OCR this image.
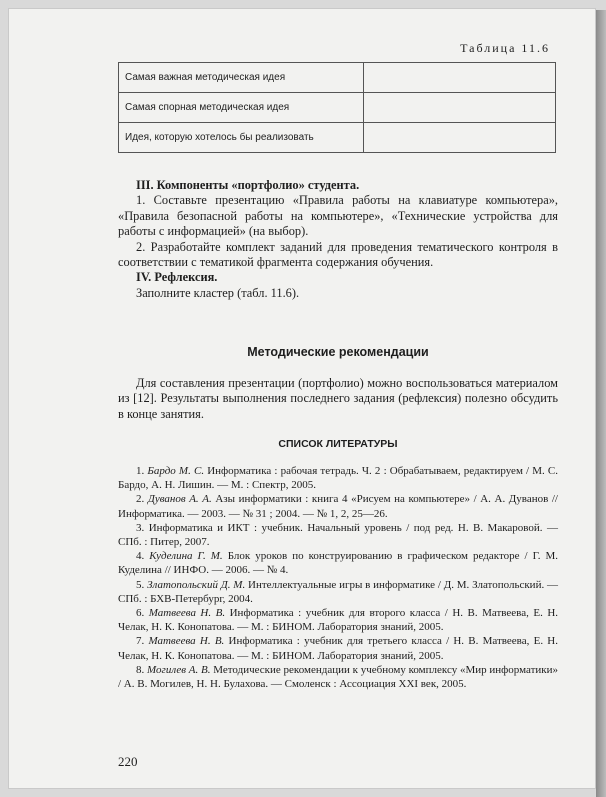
Таблица 11.6
Самая важная методическая идея	
Самая спорная методическая идея	
Идея, которую хотелось бы реализовать	

III. Компоненты «портфолио» студента.

1. Составьте презентацию «Правила работы на клавиатуре компьютера», «Правила безопасной работы на компьютере», «Технические устройства для работы с информацией» (на выбор).

2. Разработайте комплект заданий для проведения тематического контроля в соответствии с тематикой фрагмента содержания обучения.

IV. Рефлексия.

Заполните кластер (табл. 11.6).

Методические рекомендации

Для составления презентации (портфолио) можно воспользоваться материалом из [12]. Результаты выполнения последнего задания (рефлексия) полезно обсудить в конце занятия.

СПИСОК ЛИТЕРАТУРЫ

1. Бардо М. С. Информатика : рабочая тетрадь. Ч. 2 : Обрабатываем, редактируем / М. С. Бардо, А. Н. Лишин. — М. : Спектр, 2005.

2. Дуванов А. А. Азы информатики : книга 4 «Рисуем на компьютере» / А. А. Дуванов // Информатика. — 2003. — № 31 ; 2004. — № 1, 2, 25—26.

3. Информатика и ИКТ : учебник. Начальный уровень / под ред. Н. В. Макаровой. — СПб. : Питер, 2007.

4. Куделина Г. М. Блок уроков по конструированию в графическом редакторе / Г. М. Куделина // ИНФО. — 2006. — № 4.

5. Златопольский Д. М. Интеллектуальные игры в информатике / Д. М. Златопольский. — СПб. : БХВ-Петербург, 2004.

6. Матвеева Н. В. Информатика : учебник для второго класса / Н. В. Матвеева, Е. Н. Челак, Н. К. Конопатова. — М. : БИНОМ. Лаборатория знаний, 2005.

7. Матвеева Н. В. Информатика : учебник для третьего класса / Н. В. Матвеева, Е. Н. Челак, Н. К. Конопатова. — М. : БИНОМ. Лаборатория знаний, 2005.

8. Могилев А. В. Методические рекомендации к учебному комплексу «Мир информатики» / А. В. Могилев, Н. Н. Булахова. — Смоленск : Ассоциация XXI век, 2005.

220
